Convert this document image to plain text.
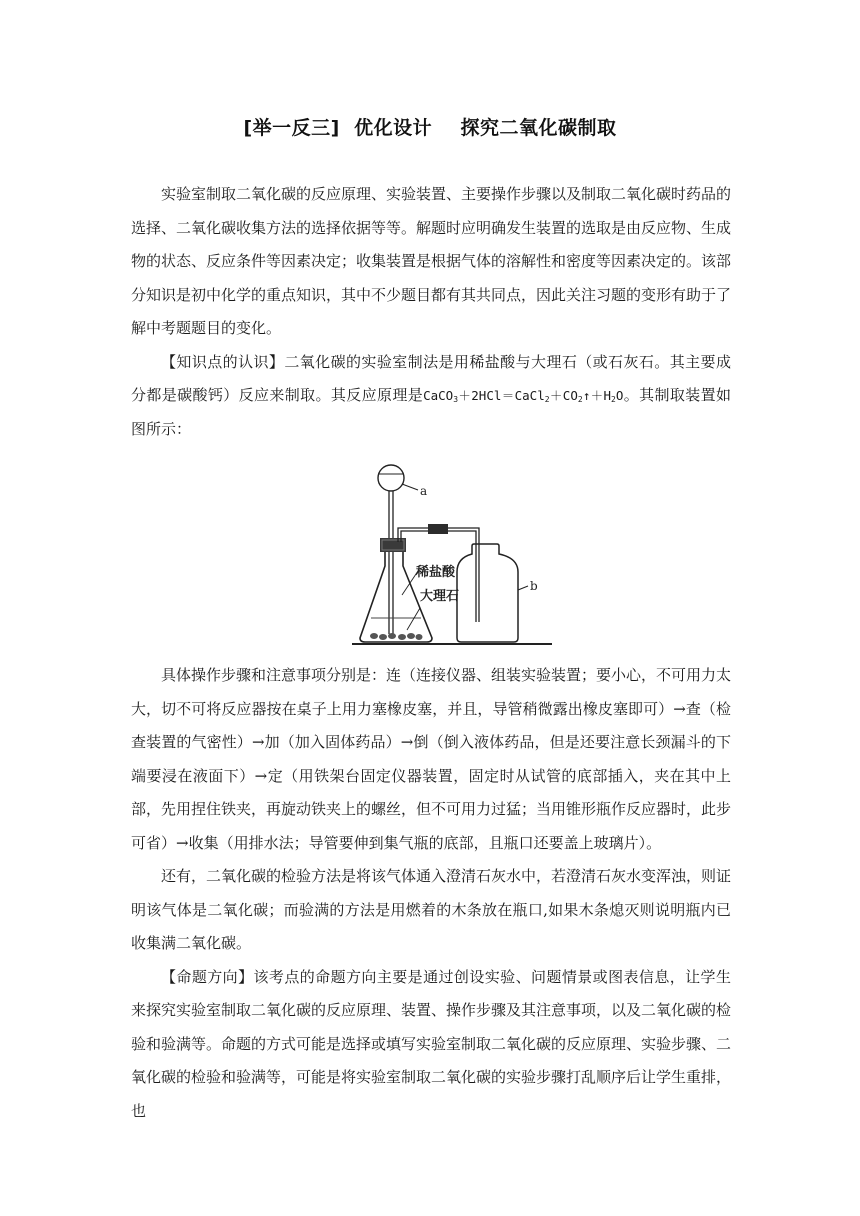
[举一反三]  优化设计    探究二氧化碳制取

实验室制取二氧化碳的反应原理、实验装置、主要操作步骤以及制取二氧化碳时药品的选择、二氧化碳收集方法的选择依据等等。解题时应明确发生装置的选取是由反应物、生成物的状态、反应条件等因素决定；收集装置是根据气体的溶解性和密度等因素决定的。该部分知识是初中化学的重点知识，其中不少题目都有其共同点，因此关注习题的变形有助于了解中考题题目的变化。

【知识点的认识】二氧化碳的实验室制法是用稀盐酸与大理石（或石灰石。其主要成分都是碳酸钙）反应来制取。其反应原理是$CaCO_3+2HCl=CaCl_2+CO_2↑+H_2O$。其制取装置如图所示：

a
稀盐酸
大理石
b

具体操作步骤和注意事项分别是：连（连接仪器、组装实验装置；要小心，不可用力太大，切不可将反应器按在桌子上用力塞橡皮塞，并且，导管稍微露出橡皮塞即可）→查（检查装置的气密性）→加（加入固体药品）→倒（倒入液体药品，但是还要注意长颈漏斗的下端要浸在液面下）→定（用铁架台固定仪器装置，固定时从试管的底部插入，夹在其中上部，先用捏住铁夹，再旋动铁夹上的螺丝，但不可用力过猛；当用锥形瓶作反应器时，此步可省）→收集（用排水法；导管要伸到集气瓶的底部，且瓶口还要盖上玻璃片）。

还有，二氧化碳的检验方法是将该气体通入澄清石灰水中，若澄清石灰水变浑浊，则证明该气体是二氧化碳；而验满的方法是用燃着的木条放在瓶口,如果木条熄灭则说明瓶内已收集满二氧化碳。

【命题方向】该考点的命题方向主要是通过创设实验、问题情景或图表信息，让学生来探究实验室制取二氧化碳的反应原理、装置、操作步骤及其注意事项，以及二氧化碳的检验和验满等。命题的方式可能是选择或填写实验室制取二氧化碳的反应原理、实验步骤、二氧化碳的检验和验满等，可能是将实验室制取二氧化碳的实验步骤打乱顺序后让学生重排，也
